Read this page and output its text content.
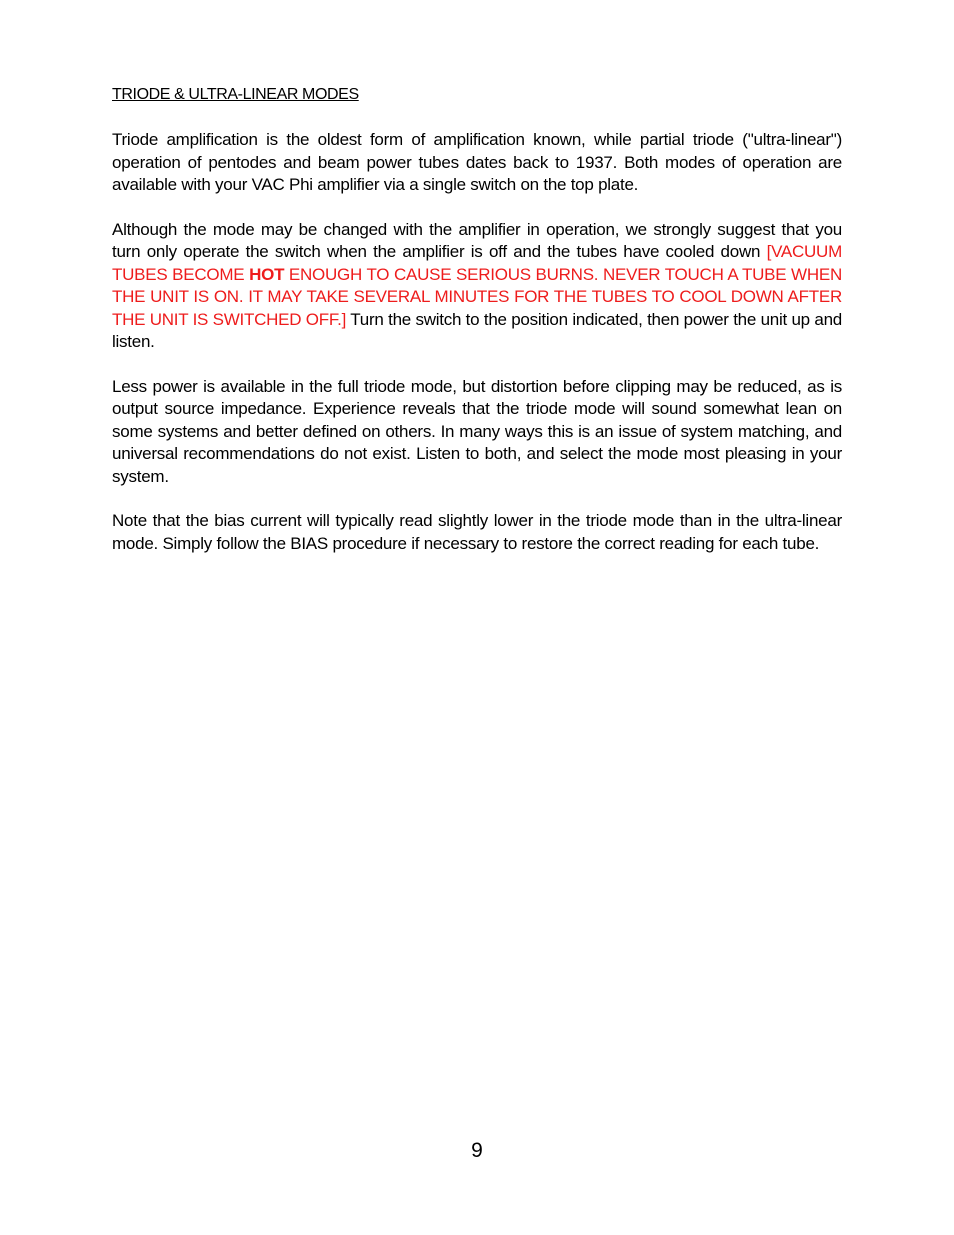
TRIODE & ULTRA-LINEAR MODES

Triode amplification is the oldest form of amplification known, while partial triode ("ultra-linear") operation of pentodes and beam power tubes dates back to 1937. Both modes of operation are available with your VAC Phi amplifier via a single switch on the top plate.

Although the mode may be changed with the amplifier in operation, we strongly suggest that you turn only operate the switch when the amplifier is off and the tubes have cooled down [VACUUM TUBES BECOME HOT ENOUGH TO CAUSE SERIOUS BURNS. NEVER TOUCH A TUBE WHEN THE UNIT IS ON. IT MAY TAKE SEVERAL MINUTES FOR THE TUBES TO COOL DOWN AFTER THE UNIT IS SWITCHED OFF.] Turn the switch to the position indicated, then power the unit up and listen.

Less power is available in the full triode mode, but distortion before clipping may be reduced, as is output source impedance. Experience reveals that the triode mode will sound somewhat lean on some systems and better defined on others. In many ways this is an issue of system matching, and universal recommendations do not exist. Listen to both, and select the mode most pleasing in your system.

Note that the bias current will typically read slightly lower in the triode mode than in the ultra-linear mode. Simply follow the BIAS procedure if necessary to restore the correct reading for each tube.

9
